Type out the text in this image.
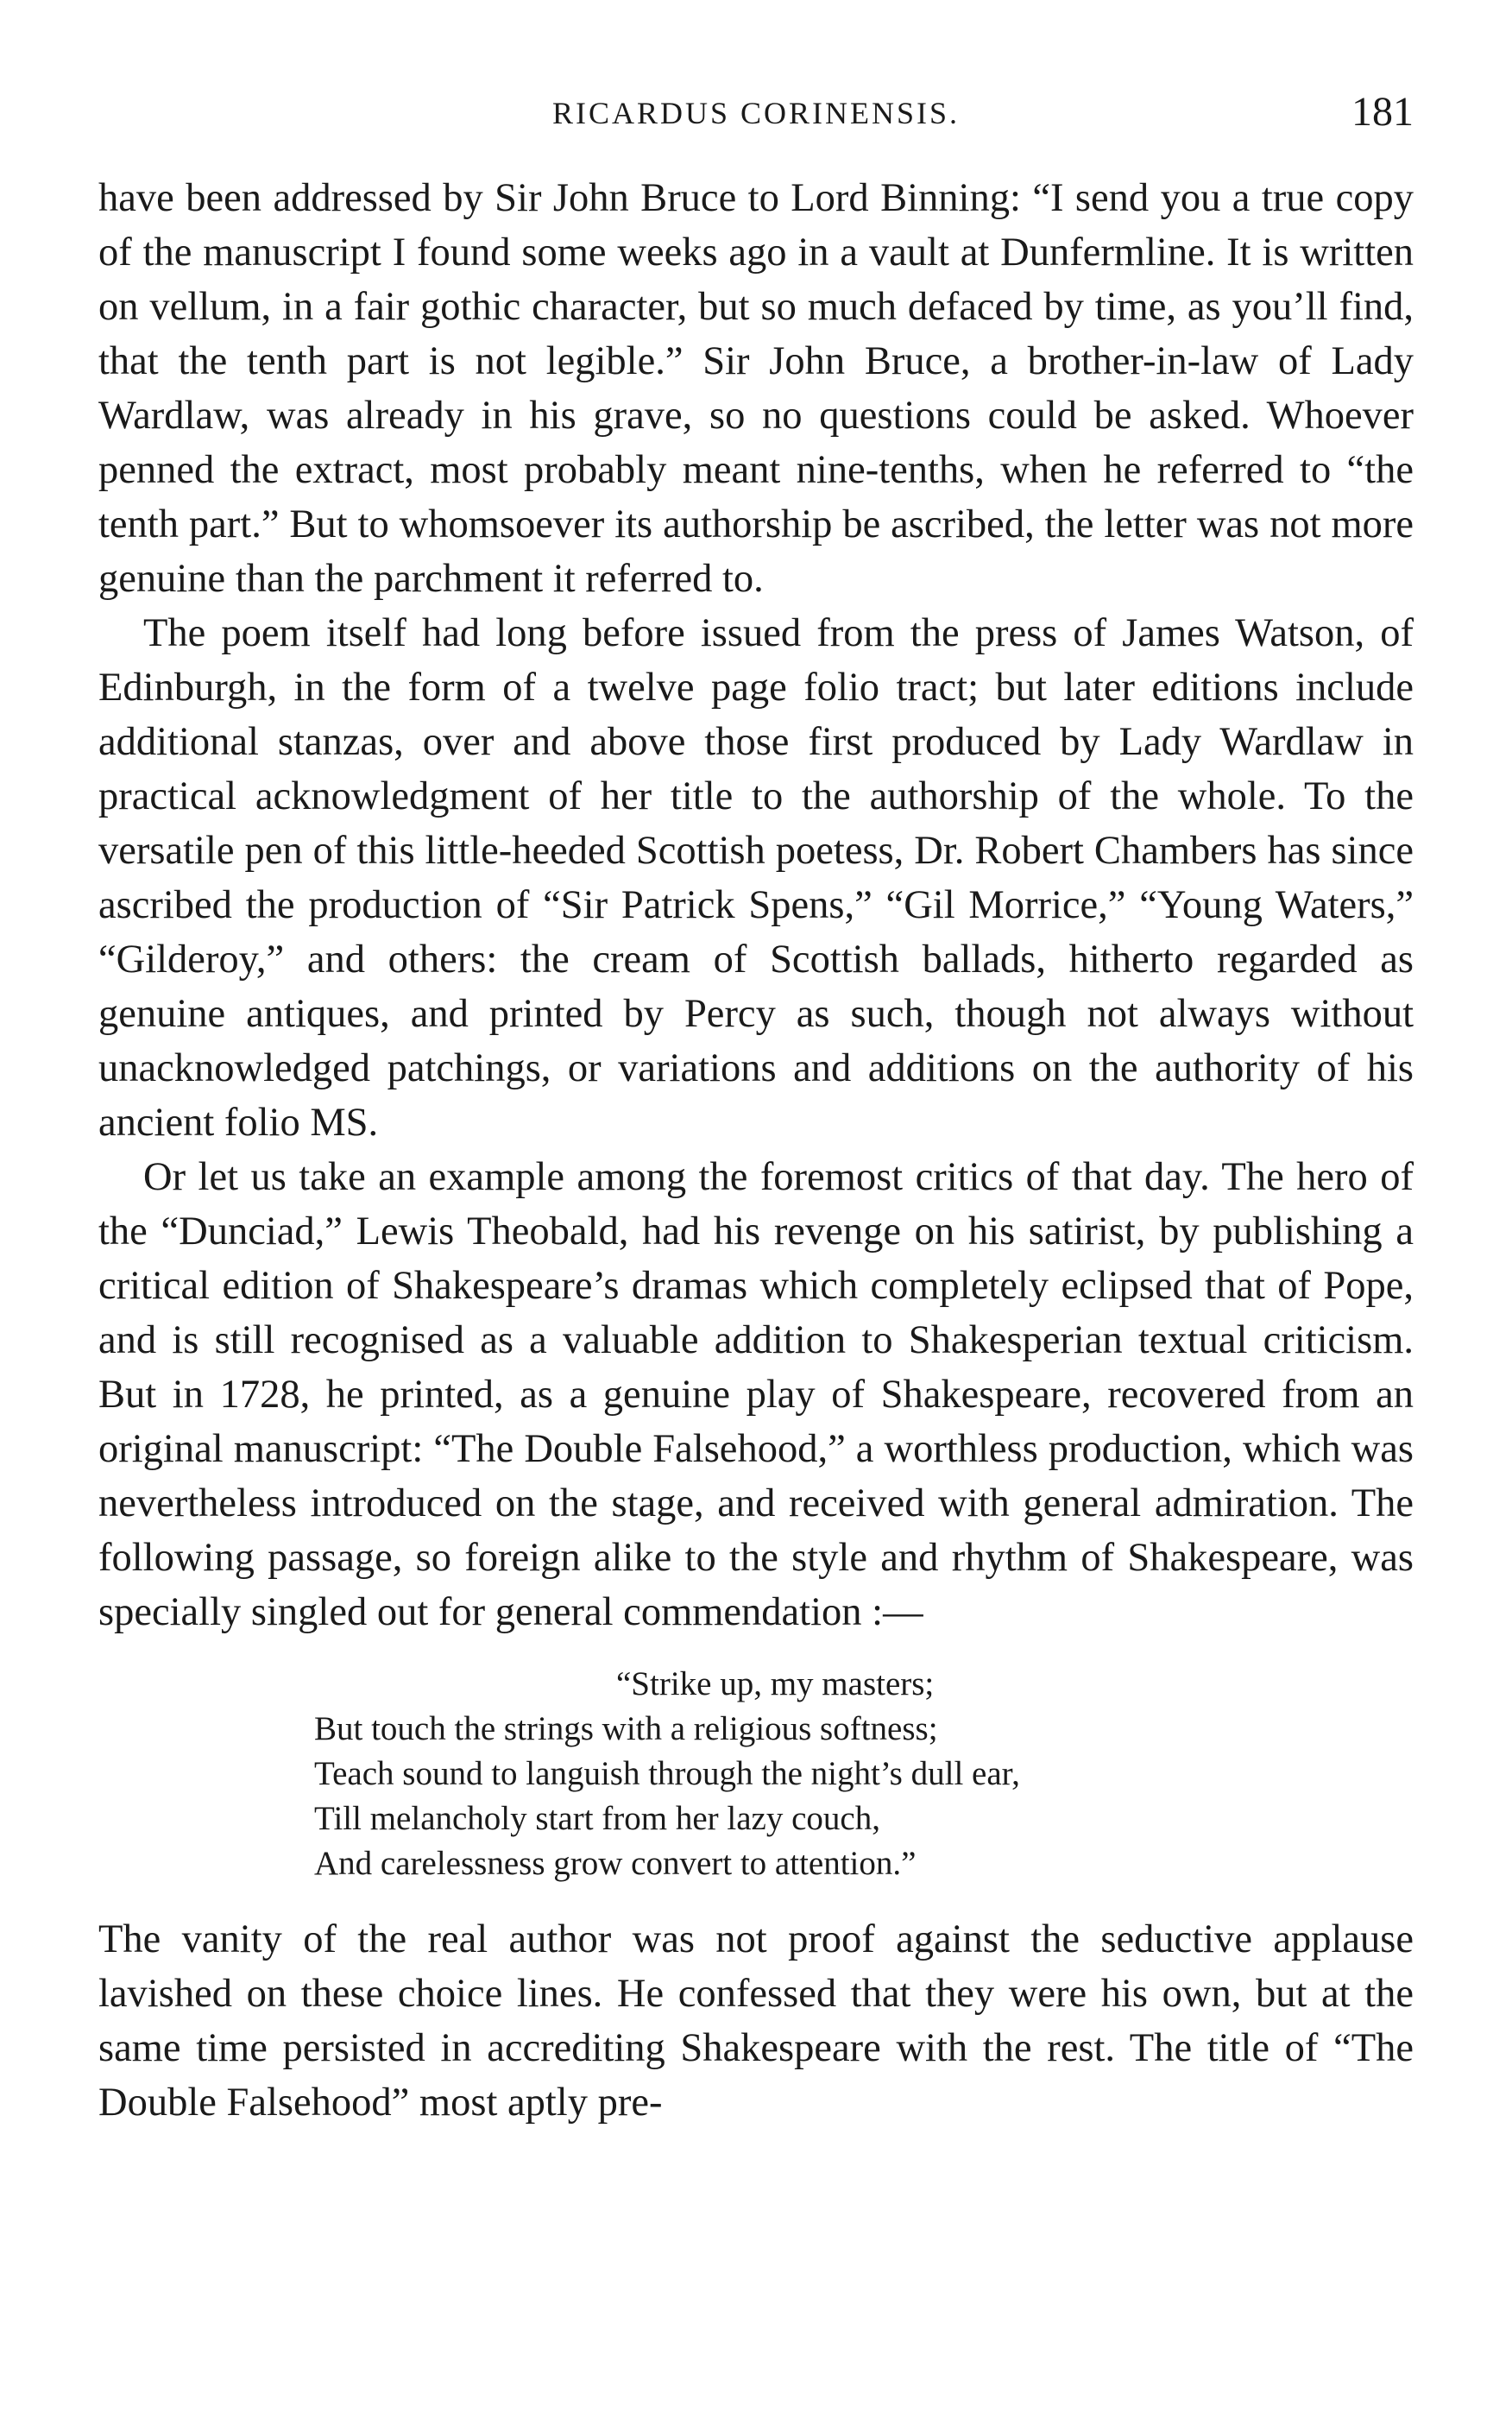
RICARDUS CORINENSIS.	181

have been addressed by Sir John Bruce to Lord Binning: “I send you a true copy of the manuscript I found some weeks ago in a vault at Dunfermline. It is written on vellum, in a fair gothic character, but so much defaced by time, as you’ll find, that the tenth part is not legible.” Sir John Bruce, a brother-in-law of Lady Wardlaw, was already in his grave, so no questions could be asked. Whoever penned the extract, most probably meant nine-tenths, when he referred to “the tenth part.” But to whomsoever its authorship be ascribed, the letter was not more genuine than the parchment it referred to.

The poem itself had long before issued from the press of James Watson, of Edinburgh, in the form of a twelve page folio tract; but later editions include additional stanzas, over and above those first produced by Lady Wardlaw in practical acknowledgment of her title to the authorship of the whole. To the versatile pen of this little-heeded Scottish poetess, Dr. Robert Chambers has since ascribed the production of “Sir Patrick Spens,” “Gil Morrice,” “Young Waters,” “Gilderoy,” and others: the cream of Scottish ballads, hitherto regarded as genuine antiques, and printed by Percy as such, though not always without unacknowledged patchings, or variations and additions on the authority of his ancient folio MS.

Or let us take an example among the foremost critics of that day. The hero of the “Dunciad,” Lewis Theobald, had his revenge on his satirist, by publishing a critical edition of Shakespeare’s dramas which completely eclipsed that of Pope, and is still recognised as a valuable addition to Shakesperian textual criticism. But in 1728, he printed, as a genuine play of Shakespeare, recovered from an original manuscript: “The Double Falsehood,” a worthless production, which was nevertheless introduced on the stage, and received with general admiration. The following passage, so foreign alike to the style and rhythm of Shakespeare, was specially singled out for general commendation :—

“Strike up, my masters;
But touch the strings with a religious softness;
Teach sound to languish through the night’s dull ear,
Till melancholy start from her lazy couch,
And carelessness grow convert to attention.”

The vanity of the real author was not proof against the seductive applause lavished on these choice lines. He confessed that they were his own, but at the same time persisted in accrediting Shakespeare with the rest. The title of “The Double Falsehood” most aptly pre-
